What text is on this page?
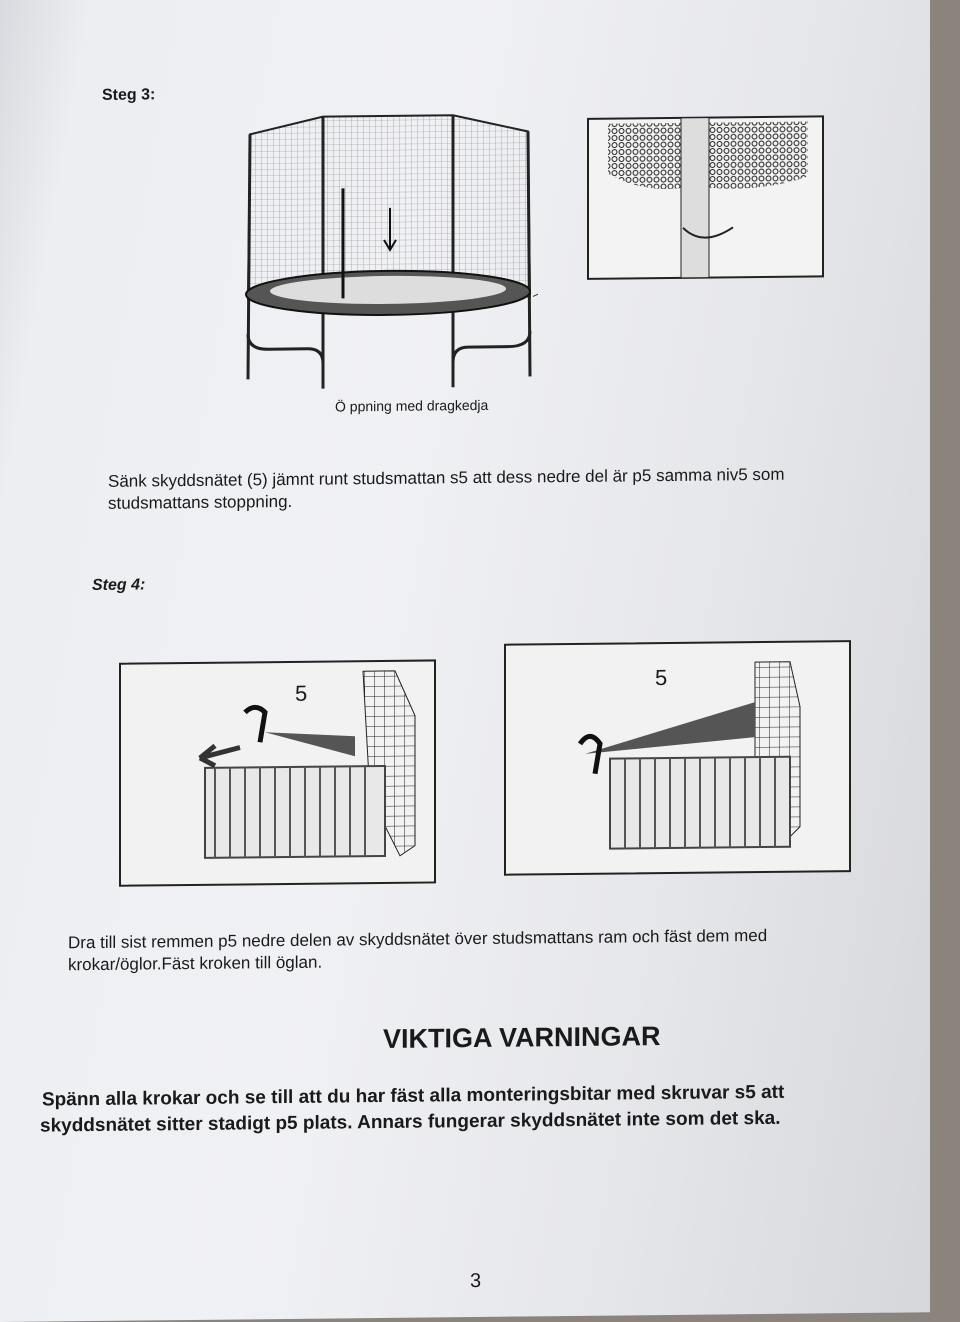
Steg 3:
Ö ppning med dragkedja
Sänk skyddsnätet (5) jämnt runt studsmattan s5 att dess nedre del är p5 samma niv5 som
studsmattans stoppning.
Steg 4:
5
5
Dra till sist remmen p5 nedre delen av skyddsnätet över studsmattans ram och fäst dem med
krokar/öglor.Fäst kroken till öglan.
VIKTIGA VARNINGAR
Spänn alla krokar och se till att du har fäst alla monteringsbitar med skruvar s5 att
skyddsnätet sitter stadigt p5 plats. Annars fungerar skyddsnätet inte som det ska.
3
